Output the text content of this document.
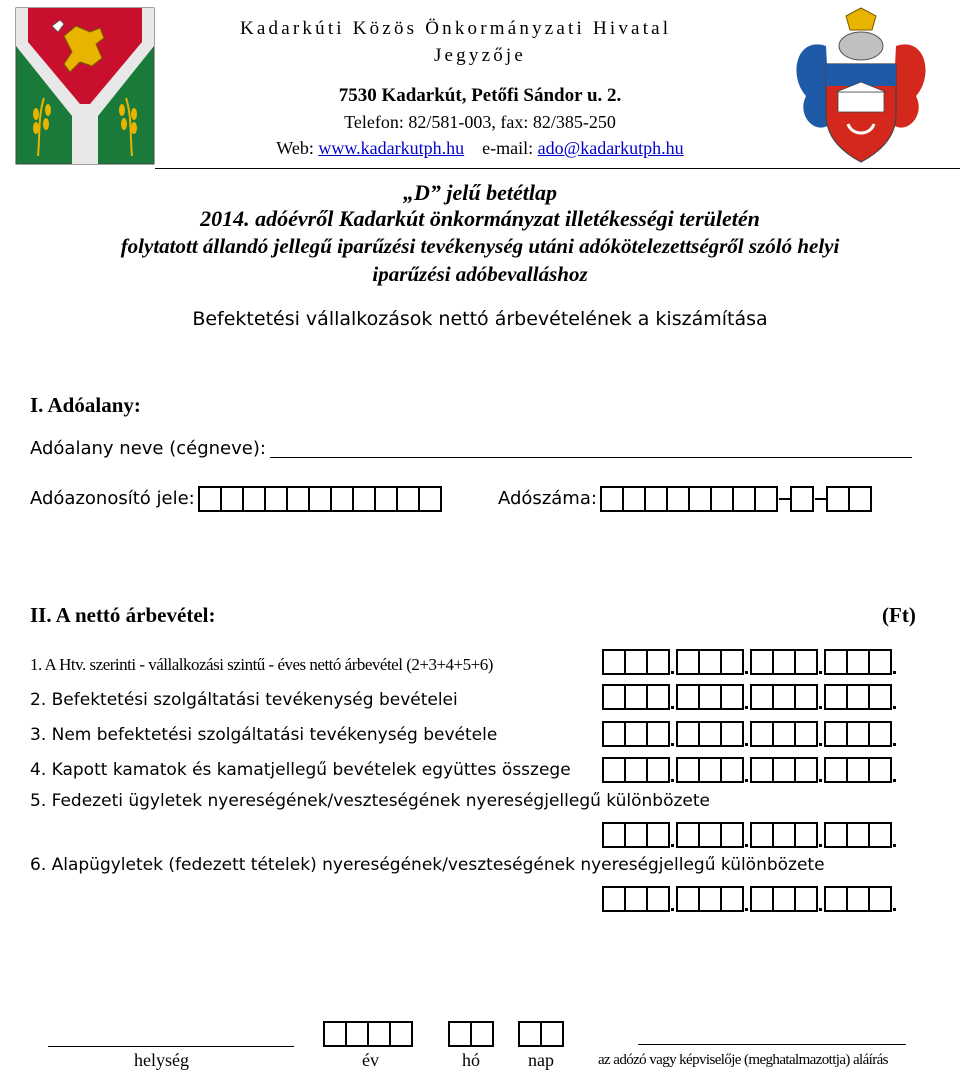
Kadarkúti Közös Önkormányzati Hivatal
Jegyzője
7530 Kadarkút, Petőfi Sándor u. 2.
Telefon: 82/581-003, fax: 82/385-250
Web: www.kadarkutph.hu e-mail: ado@kadarkutph.hu
„D” jelű betétlap
2014. adóévről Kadarkút önkormányzat illetékességi területén
folytatott állandó jellegű iparűzési tevékenység utáni adókötelezettségről szóló helyi
iparűzési adóbevalláshoz
Befektetési vállalkozások nettó árbevételének a kiszámítása
I. Adóalany:
Adóalany neve (cégneve):
Adóazonosító jele:	Adószáma:
II. A nettó árbevétel:	(Ft)
1. A Htv. szerinti - vállalkozási szintű - éves nettó árbevétel (2+3+4+5+6)
2. Befektetési szolgáltatási tevékenység bevételei
3. Nem befektetési szolgáltatási tevékenység bevétele
4. Kapott kamatok és kamatjellegű bevételek együttes összege
5. Fedezeti ügyletek nyereségének/veszteségének nyereségjellegű különbözete
6. Alapügyletek (fedezett tételek) nyereségének/veszteségének nyereségjellegű különbözete
helység	év	hó	nap	az adózó vagy képviselője (meghatalmazottja) aláírás
